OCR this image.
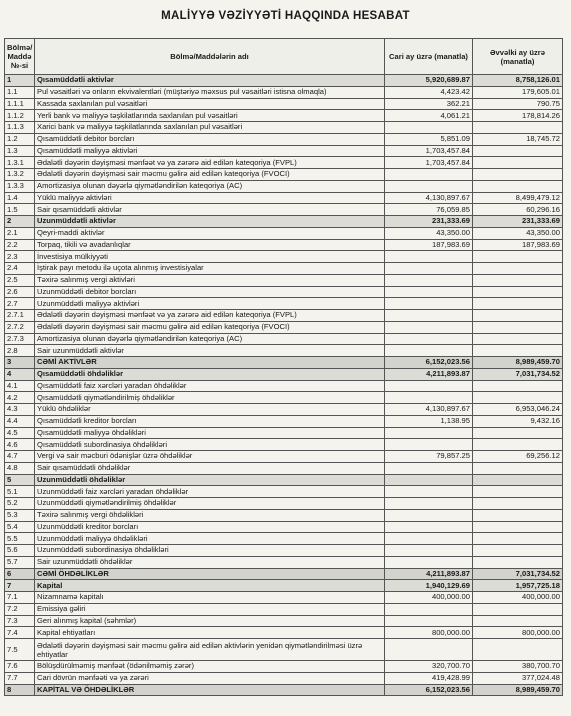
MALİYYƏ VƏZİYYƏTİ HAQQINDA HESABAT
Bölmə/ Maddə №-si	Bölmə/Maddələrin adı	Cari ay üzrə (manatla)	Əvvəlki ay üzrə (manatla)
1	Qısamüddətli aktivlər	5,920,689.87	8,758,126.01
1.1	Pul vəsaitləri və onların ekvivalentləri (müştəriyə məxsus pul vəsaitləri istisna olmaqla)	4,423.42	179,605.01
1.1.1	Kassada saxlanılan pul vəsaitləri	362.21	790.75
1.1.2	Yerli bank və maliyyə təşkilatlarında saxlanılan pul vəsaitləri	4,061.21	178,814.26
1.1.3	Xarici bank və maliyyə təşkilatlarında saxlanılan pul vəsaitləri		
1.2	Qısamüddətli debitor borcları	5,851.09	18,745.72
1.3	Qısamüddətli maliyyə aktivləri	1,703,457.84	
1.3.1	Ədalətli dəyərin dəyişməsi mənfəət və ya zərərə aid edilən kateqoriya (FVPL)	1,703,457.84	
1.3.2	Ədalətli dəyərin dəyişməsi sair məcmu gəlirə aid edilən kateqoriya (FVOCI)		
1.3.3	Amortizasiya olunan dəyərlə qiymətləndirilən kateqoriya (AC)		
1.4	Yüklü maliyyə aktivləri	4,130,897.67	8,499,479.12
1.5	Sair qısamüddətli aktivlər	76,059.85	60,296.16
2	Uzunmüddətli aktivlər	231,333.69	231,333.69
2.1	Qeyri-maddi aktivlər	43,350.00	43,350.00
2.2	Torpaq, tikili və avadanlıqlar	187,983.69	187,983.69
2.3	İnvestisiya mülkiyyəti		
2.4	İştirak payı metodu ilə uçota alınmış investisiyalar		
2.5	Təxirə salınmış vergi aktivləri		
2.6	Uzunmüddətli debitor borcları		
2.7	Uzunmüddətli maliyyə aktivləri		
2.7.1	Ədalətli dəyərin dəyişməsi mənfəət və ya zərərə aid edilən kateqoriya (FVPL)		
2.7.2	Ədalətli dəyərin dəyişməsi sair məcmu gəlirə aid edilən kateqoriya (FVOCI)		
2.7.3	Amortizasiya olunan dəyərlə qiymətləndirilən kateqoriya (AC)		
2.8	Sair uzunmüddətli aktivlər		
3	CƏMİ AKTİVLƏR	6,152,023.56	8,989,459.70
4	Qısamüddətli öhdəliklər	4,211,893.87	7,031,734.52
4.1	Qısamüddətli faiz xərcləri yaradan öhdəliklər		
4.2	Qısamüddətli qiymətləndirilmiş öhdəliklər		
4.3	Yüklü öhdəliklər	4,130,897.67	6,953,046.24
4.4	Qısamüddətli kreditor borcları	1,138.95	9,432.16
4.5	Qısamüddətli maliyyə öhdəlikləri		
4.6	Qısamüddətli subordinasiya öhdəlikləri		
4.7	Vergi və sair məcburi ödənişlər üzrə öhdəliklər	79,857.25	69,256.12
4.8	Sair qısamüddətli öhdəliklər		
5	Uzunmüddətli öhdəliklər		
5.1	Uzunmüddətli faiz xərcləri yaradan öhdəliklər		
5.2	Uzunmüddətli qiymətləndirilmiş öhdəliklər		
5.3	Təxirə salınmış vergi öhdəlikləri		
5.4	Uzunmüddətli kreditor borcları		
5.5	Uzunmüddətli maliyyə öhdəlikləri		
5.6	Uzunmüddətli subordinasiya öhdəlikləri		
5.7	Sair uzunmüddətli öhdəliklər		
6	CƏMİ ÖHDƏLİKLƏR	4,211,893.87	7,031,734.52
7	Kapital	1,940,129.69	1,957,725.18
7.1	Nizamnamə kapitalı	400,000.00	400,000.00
7.2	Emissiya gəliri		
7.3	Geri alınmış kapital (səhmlər)		
7.4	Kapital ehtiyatları	800,000.00	800,000.00
7.5	Ədalətli dəyərin dəyişməsi sair məcmu gəlirə aid edilən aktivlərin yenidən qiymətləndirilməsi üzrə ehtiyatlar		
7.6	Bölüşdürülməmiş mənfəət (ödənilməmiş zərər)	320,700.70	380,700.70
7.7	Cari dövrün mənfəəti və ya zərəri	419,428.99	377,024.48
8	KAPİTAL VƏ ÖHDƏLİKLƏR	6,152,023.56	8,989,459.70
